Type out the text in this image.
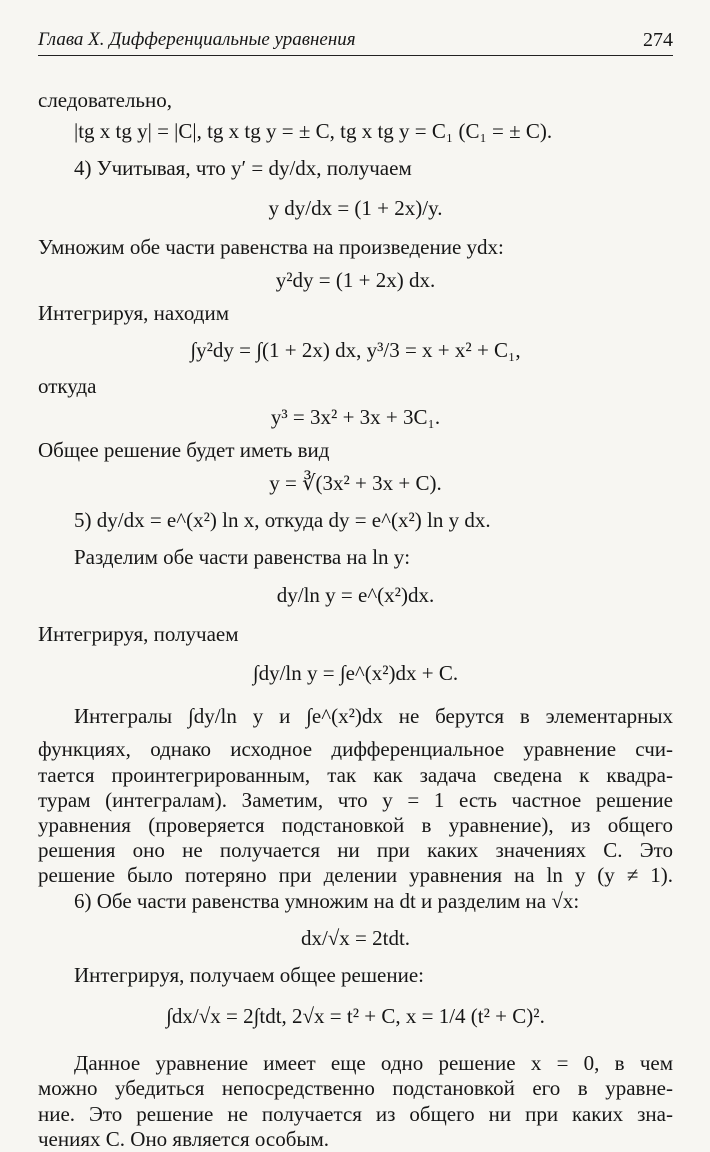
Глава X. Дифференциальные уравнения	274
следовательно,
|tg x tg y| = |C|, tg x tg y = ± C, tg x tg y = C₁ (C₁ = ± C).
4) Учитывая, что y′ = dy/dx, получаем
y dy/dx = (1 + 2x)/y.
Умножим обе части равенства на произведение ydx:
y²dy = (1 + 2x) dx.
Интегрируя, находим
∫y²dy = ∫(1 + 2x) dx, y³/3 = x + x² + C₁,
откуда
y³ = 3x² + 3x + 3C₁.
Общее решение будет иметь вид
y = ∛(3x² + 3x + C).
5) dy/dx = e^(x²) ln x, откуда dy = e^(x²) ln y dx.
Разделим обе части равенства на ln y:
dy/ln y = e^(x²)dx.
Интегрируя, получаем
∫dy/ln y = ∫e^(x²)dx + C.
Интегралы ∫dy/ln y и ∫e^(x²)dx не берутся в элементарных
функциях, однако исходное дифференциальное уравнение счи-
тается проинтегрированным, так как задача сведена к квадра-
турам (интегралам). Заметим, что y = 1 есть частное решение
уравнения (проверяется подстановкой в уравнение), из общего
решения оно не получается ни при каких значениях C. Это
решение было потеряно при делении уравнения на ln y (y ≠ 1).
6) Обе части равенства умножим на dt и разделим на √x:
dx/√x = 2tdt.
Интегрируя, получаем общее решение:
∫dx/√x = 2∫tdt, 2√x = t² + C, x = 1/4 (t² + C)².
Данное уравнение имеет еще одно решение x = 0, в чем
можно убедиться непосредственно подстановкой его в уравне-
ние. Это решение не получается из общего ни при каких зна-
чениях C. Оно является особым.
